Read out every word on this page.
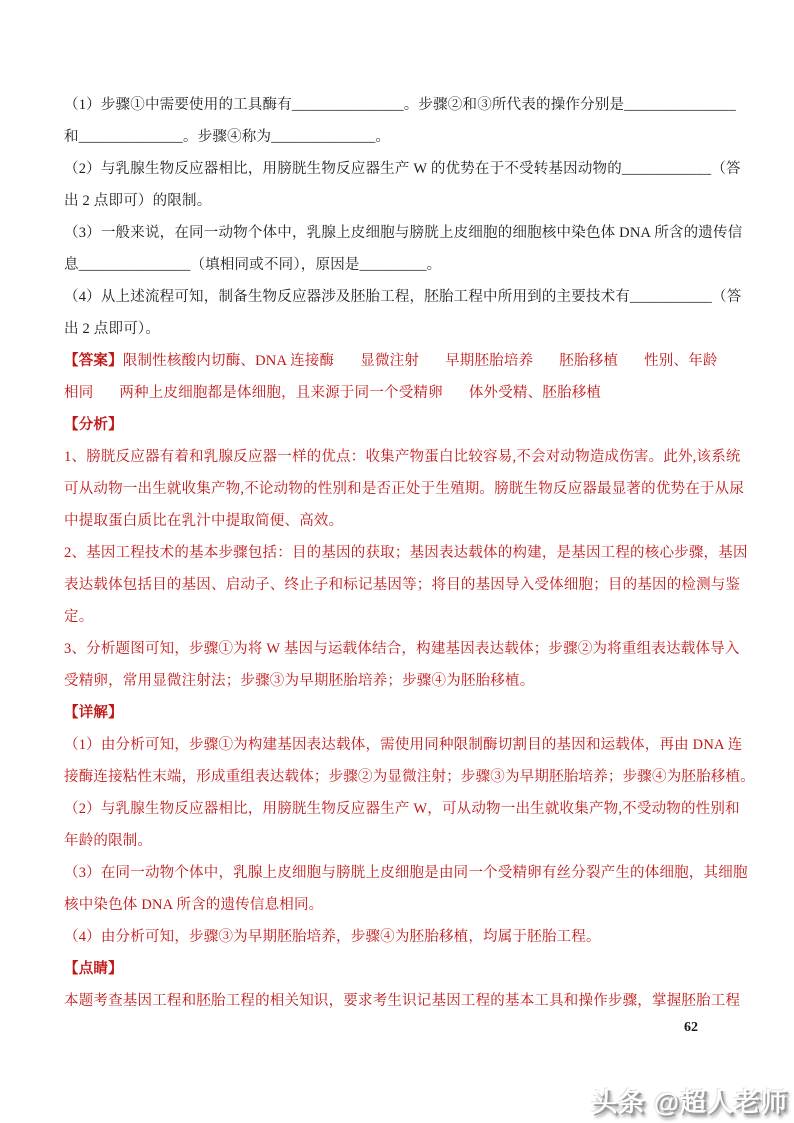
（1）步骤①中需要使用的工具酶有_______________。步骤②和③所代表的操作分别是_______________
和______________。步骤④称为______________。
（2）与乳腺生物反应器相比，用膀胱生物反应器生产 W 的优势在于不受转基因动物的____________（答
出 2 点即可）的限制。
（3）一般来说，在同一动物个体中，乳腺上皮细胞与膀胱上皮细胞的细胞核中染色体 DNA 所含的遗传信
息_______________（填相同或不同），原因是_________。
（4）从上述流程可知，制备生物反应器涉及胚胎工程，胚胎工程中所用到的主要技术有___________（答
出 2 点即可）。
【答案】限制性核酸内切酶、DNA 连接酶 显微注射 早期胚胎培养 胚胎移植 性别、年龄
相同 两种上皮细胞都是体细胞，且来源于同一个受精卵 体外受精、胚胎移植
【分析】
1、膀胱反应器有着和乳腺反应器一样的优点：收集产物蛋白比较容易,不会对动物造成伤害。此外,该系统
可从动物一出生就收集产物,不论动物的性别和是否正处于生殖期。膀胱生物反应器最显著的优势在于从尿
中提取蛋白质比在乳汁中提取简便、高效。
2、基因工程技术的基本步骤包括：目的基因的获取；基因表达载体的构建，是基因工程的核心步骤，基因
表达载体包括目的基因、启动子、终止子和标记基因等；将目的基因导入受体细胞；目的基因的检测与鉴
定。
3、分析题图可知，步骤①为将 W 基因与运载体结合，构建基因表达载体；步骤②为将重组表达载体导入
受精卵，常用显微注射法；步骤③为早期胚胎培养；步骤④为胚胎移植。
【详解】
（1）由分析可知，步骤①为构建基因表达载体，需使用同种限制酶切割目的基因和运载体，再由 DNA 连
接酶连接粘性末端，形成重组表达载体；步骤②为显微注射；步骤③为早期胚胎培养；步骤④为胚胎移植。
（2）与乳腺生物反应器相比，用膀胱生物反应器生产 W，可从动物一出生就收集产物,不受动物的性别和
年龄的限制。
（3）在同一动物个体中，乳腺上皮细胞与膀胱上皮细胞是由同一个受精卵有丝分裂产生的体细胞，其细胞
核中染色体 DNA 所含的遗传信息相同。
（4）由分析可知，步骤③为早期胚胎培养，步骤④为胚胎移植，均属于胚胎工程。
【点睛】
本题考查基因工程和胚胎工程的相关知识，要求考生识记基因工程的基本工具和操作步骤，掌握胚胎工程
62
头条 @超人老师
